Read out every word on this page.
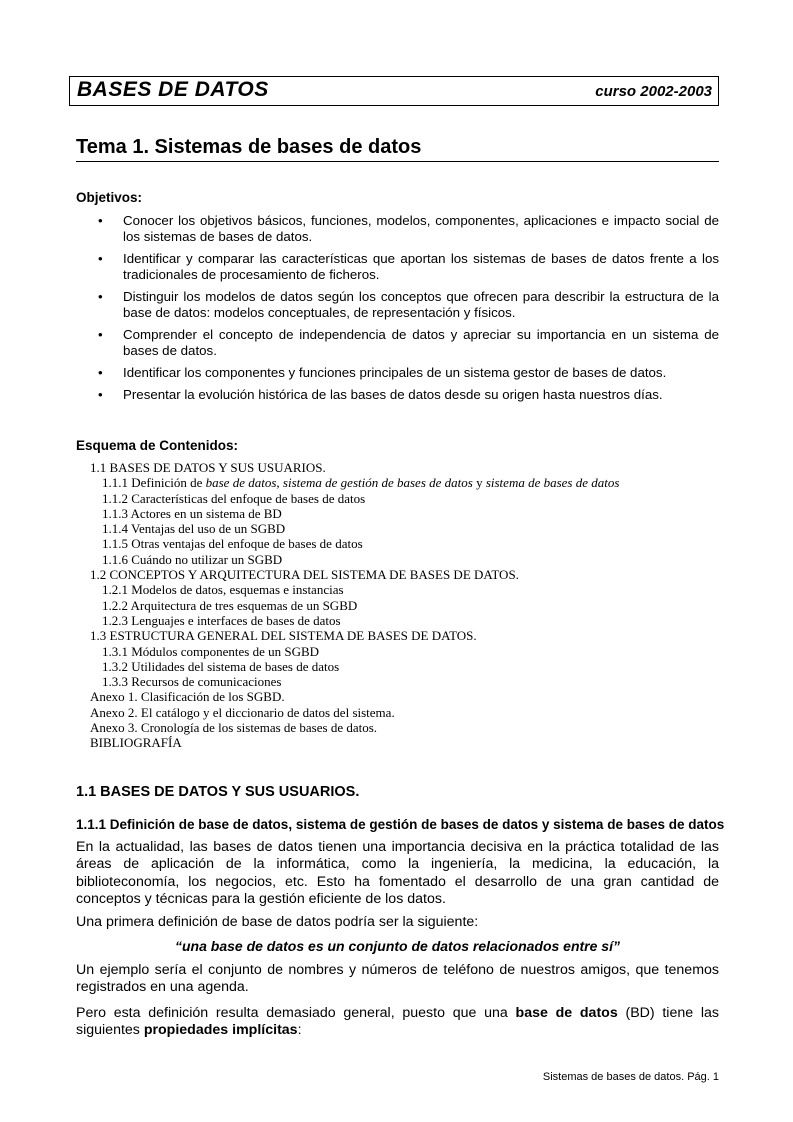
BASES DE DATOS	curso 2002-2003
Tema 1. Sistemas de bases de datos
Objetivos:
• Conocer los objetivos básicos, funciones, modelos, componentes, aplicaciones e impacto social de los sistemas de bases de datos.
• Identificar y comparar las características que aportan los sistemas de bases de datos frente a los tradicionales de procesamiento de ficheros.
• Distinguir los modelos de datos según los conceptos que ofrecen para describir la estructura de la base de datos: modelos conceptuales, de representación y físicos.
• Comprender el concepto de independencia de datos y apreciar su importancia en un sistema de bases de datos.
• Identificar los componentes y funciones principales de un sistema gestor de bases de datos.
• Presentar la evolución histórica de las bases de datos desde su origen hasta nuestros días.
Esquema de Contenidos:
1.1 BASES DE DATOS Y SUS USUARIOS.
1.1.1 Definición de base de datos, sistema de gestión de bases de datos y sistema de bases de datos
1.1.2 Características del enfoque de bases de datos
1.1.3 Actores en un sistema de BD
1.1.4 Ventajas del uso de un SGBD
1.1.5 Otras ventajas del enfoque de bases de datos
1.1.6 Cuándo no utilizar un SGBD
1.2 CONCEPTOS Y ARQUITECTURA DEL SISTEMA DE BASES DE DATOS.
1.2.1 Modelos de datos, esquemas e instancias
1.2.2 Arquitectura de tres esquemas de un SGBD
1.2.3 Lenguajes e interfaces de bases de datos
1.3 ESTRUCTURA GENERAL DEL SISTEMA DE BASES DE DATOS.
1.3.1 Módulos componentes de un SGBD
1.3.2 Utilidades del sistema de bases de datos
1.3.3 Recursos de comunicaciones
Anexo 1. Clasificación de los SGBD.
Anexo 2. El catálogo y el diccionario de datos del sistema.
Anexo 3. Cronología de los sistemas de bases de datos.
BIBLIOGRAFÍA
1.1 BASES DE DATOS Y SUS USUARIOS.
1.1.1 Definición de base de datos, sistema de gestión de bases de datos y sistema de bases de datos

En la actualidad, las bases de datos tienen una importancia decisiva en la práctica totalidad de las áreas de aplicación de la informática, como la ingeniería, la medicina, la educación, la biblioteconomía, los negocios, etc. Esto ha fomentado el desarrollo de una gran cantidad de conceptos y técnicas para la gestión eficiente de los datos.

Una primera definición de base de datos podría ser la siguiente:

“una base de datos es un conjunto de datos relacionados entre sí”

Un ejemplo sería el conjunto de nombres y números de teléfono de nuestros amigos, que tenemos registrados en una agenda.

Pero esta definición resulta demasiado general, puesto que una base de datos (BD) tiene las siguientes propiedades implícitas:

Sistemas de bases de datos. Pág. 1
